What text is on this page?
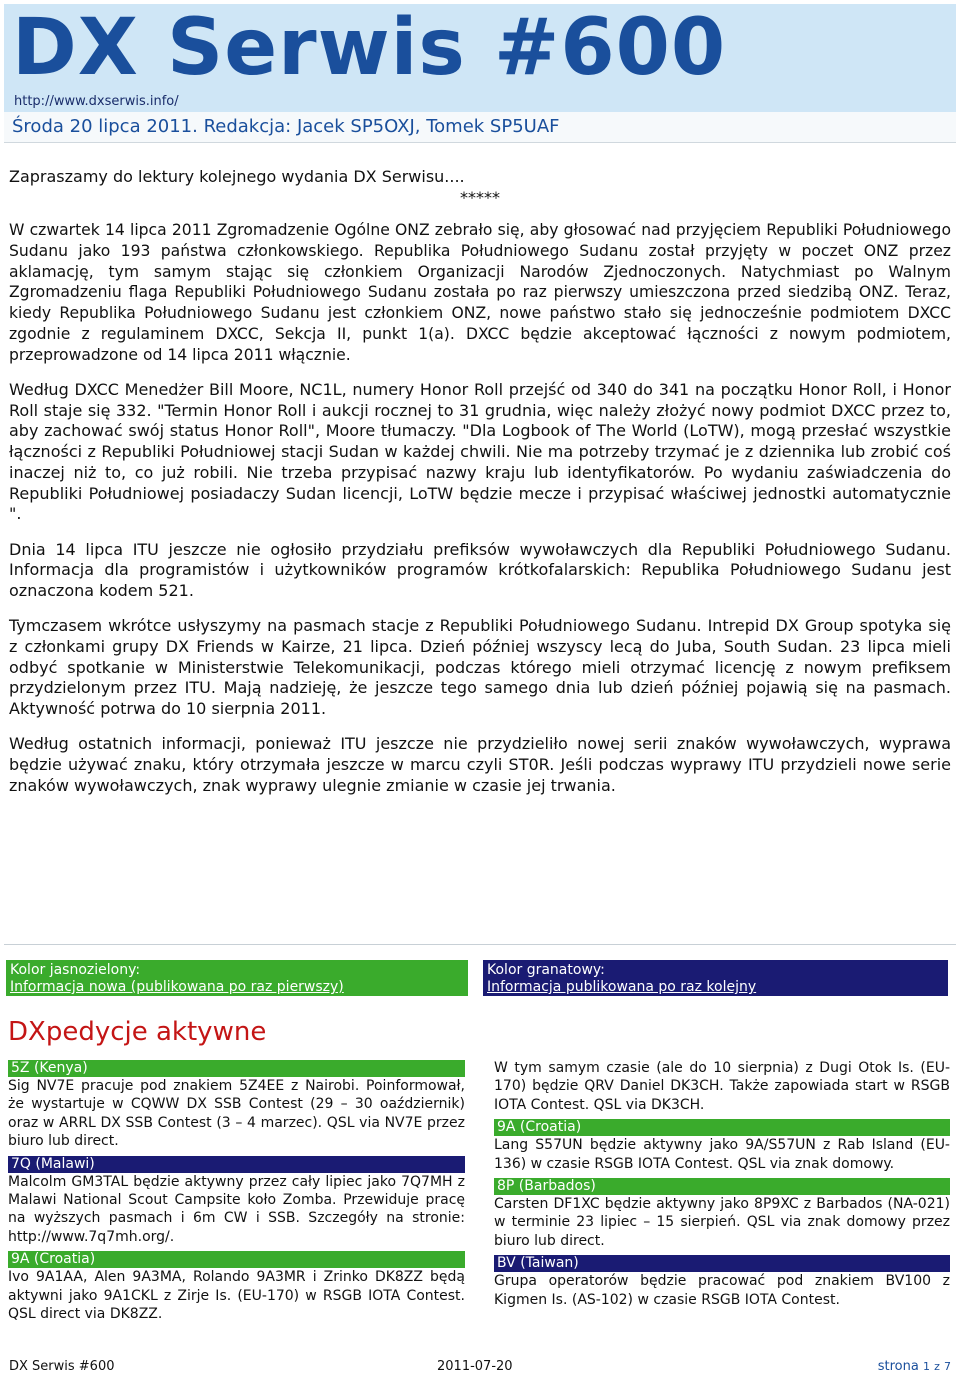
DX Serwis #600
http://www.dxserwis.info/
Środa 20 lipca 2011. Redakcja: Jacek SP5OXJ, Tomek SP5UAF

Zapraszamy do lektury kolejnego wydania DX Serwisu....

*****

W czwartek 14 lipca 2011 Zgromadzenie Ogólne ONZ zebrało się, aby głosować nad przyjęciem Republiki Południowego Sudanu jako 193 państwa członkowskiego. Republika Południowego Sudanu został przyjęty w poczet ONZ przez aklamację, tym samym stając się członkiem Organizacji Narodów Zjednoczonych. Natychmiast po Walnym Zgromadzeniu flaga Republiki Południowego Sudanu została po raz pierwszy umieszczona przed siedzibą ONZ. Teraz, kiedy Republika Południowego Sudanu jest członkiem ONZ, nowe państwo stało się jednocześnie podmiotem DXCC zgodnie z regulaminem DXCC, Sekcja II, punkt 1(a). DXCC będzie akceptować łączności z nowym podmiotem, przeprowadzone od 14 lipca 2011 włącznie.

Według DXCC Menedżer Bill Moore, NC1L, numery Honor Roll przejść od 340 do 341 na początku Honor Roll, i Honor Roll staje się 332. "Termin Honor Roll i aukcji rocznej to 31 grudnia, więc należy złożyć nowy podmiot DXCC przez to, aby zachować swój status Honor Roll", Moore tłumaczy. "Dla Logbook of The World (LoTW), mogą przesłać wszystkie łączności z Republiki Południowej stacji Sudan w każdej chwili. Nie ma potrzeby trzymać je z dziennika lub zrobić coś inaczej niż to, co już robili. Nie trzeba przypisać nazwy kraju lub identyfikatorów. Po wydaniu zaświadczenia do Republiki Południowej posiadaczy Sudan licencji, LoTW będzie mecze i przypisać właściwej jednostki automatycznie ".

Dnia 14 lipca ITU jeszcze nie ogłosiło przydziału prefiksów wywoławczych dla Republiki Południowego Sudanu. Informacja dla programistów i użytkowników programów krótkofalarskich: Republika Południowego Sudanu jest oznaczona kodem 521.

Tymczasem wkrótce usłyszymy na pasmach stacje z Republiki Południowego Sudanu. Intrepid DX Group spotyka się z członkami grupy DX Friends w Kairze, 21 lipca. Dzień później wszyscy lecą do Juba, South Sudan. 23 lipca mieli odbyć spotkanie w Ministerstwie Telekomunikacji, podczas którego mieli otrzymać licencję z nowym prefiksem przydzielonym przez ITU. Mają nadzieję, że jeszcze tego samego dnia lub dzień później pojawią się na pasmach. Aktywność potrwa do 10 sierpnia 2011.

Według ostatnich informacji, ponieważ ITU jeszcze nie przydzieliło nowej serii znaków wywoławczych, wyprawa będzie używać znaku, który otrzymała jeszcze w marcu czyli ST0R. Jeśli podczas wyprawy ITU przydzieli nowe serie znaków wywoławczych, znak wyprawy ulegnie zmianie w czasie jej trwania.

Kolor jasnozielony:
Informacja nowa (publikowana po raz pierwszy)
Kolor granatowy:
Informacja publikowana po raz kolejny
DXpedycje aktywne
5Z (Kenya)

Sig NV7E pracuje pod znakiem 5Z4EE z Nairobi. Poinformował, że wystartuje w CQWW DX SSB Contest (29 – 30 oaździernik) oraz w ARRL DX SSB Contest (3 – 4 marzec). QSL via NV7E przez biuro lub direct.

7Q (Malawi)

Malcolm GM3TAL będzie aktywny przez cały lipiec jako 7Q7MH z Malawi National Scout Campsite koło Zomba. Przewiduje pracę na wyższych pasmach i 6m CW i SSB. Szczegóły na stronie: http://www.7q7mh.org/.

9A (Croatia)

Ivo 9A1AA, Alen 9A3MA, Rolando 9A3MR i Zrinko DK8ZZ będą aktywni jako 9A1CKL z Zirje Is. (EU-170) w RSGB IOTA Contest. QSL direct via DK8ZZ.

W tym samym czasie (ale do 10 sierpnia) z Dugi Otok Is. (EU-170) będzie QRV Daniel DK3CH. Także zapowiada start w RSGB IOTA Contest. QSL via DK3CH.

9A (Croatia)

Lang S57UN będzie aktywny jako 9A/S57UN z Rab Island (EU-136) w czasie RSGB IOTA Contest. QSL via znak domowy.

8P (Barbados)

Carsten DF1XC będzie aktywny jako 8P9XC z Barbados (NA-021) w terminie 23 lipiec – 15 sierpień. QSL via znak domowy przez biuro lub direct.

BV (Taiwan)

Grupa operatorów będzie pracować pod znakiem BV100 z Kigmen Is. (AS-102) w czasie RSGB IOTA Contest.

DX Serwis #600	2011-07-20	strona 1 z 7
